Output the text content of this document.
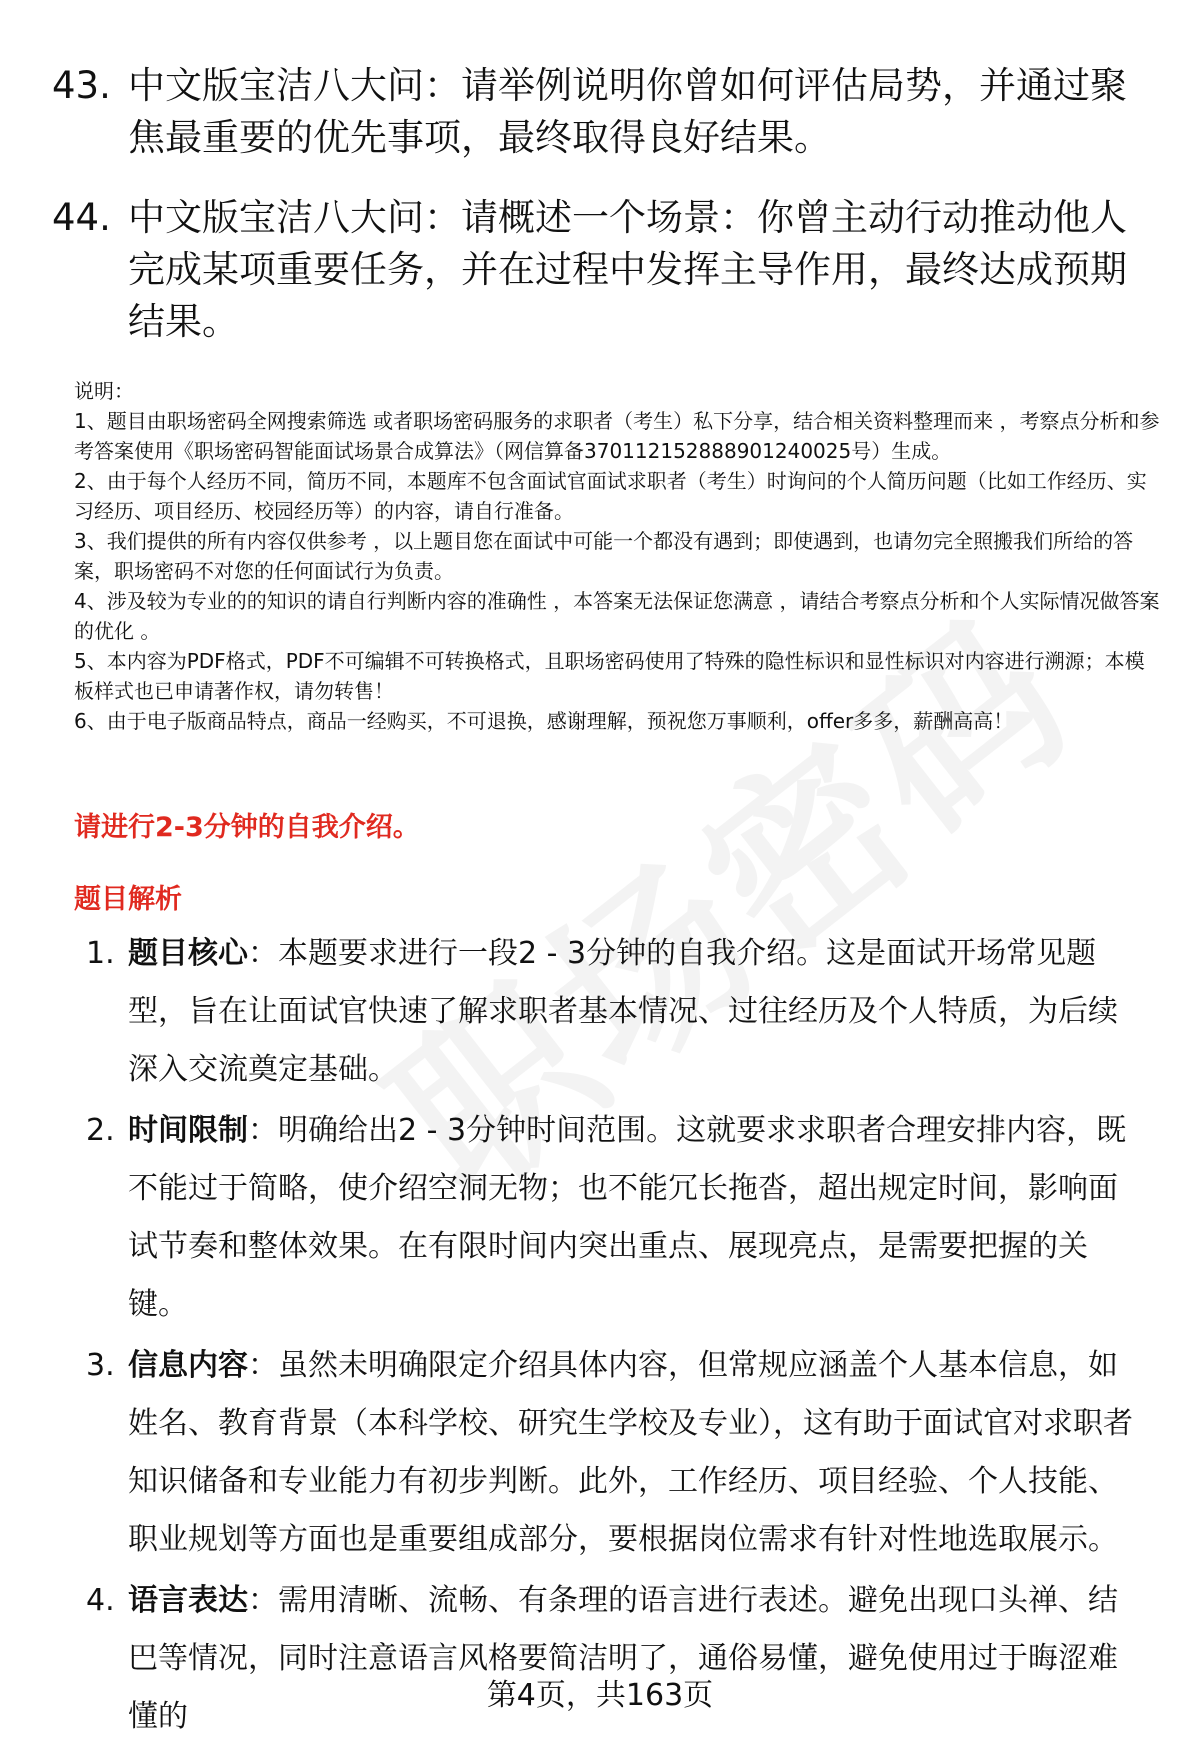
43. 中文版宝洁八大问：请举例说明你曾如何评估局势，并通过聚焦最重要的优先事项，最终取得良好结果。
44. 中文版宝洁八大问：请概述一个场景：你曾主动行动推动他人完成某项重要任务，并在过程中发挥主导作用，最终达成预期结果。

说明：

1、题目由职场密码全网搜索筛选 或者职场密码服务的求职者（考生）私下分享，结合相关资料整理而来 ，考察点分析和参考答案使用《职场密码智能面试场景合成算法》（网信算备370112152888901240025号）生成。

2、由于每个人经历不同，简历不同，本题库不包含面试官面试求职者（考生）时询问的个人简历问题（比如工作经历、实习经历、项目经历、校园经历等）的内容，请自行准备。

3、我们提供的所有内容仅供参考 ，以上题目您在面试中可能一个都没有遇到；即使遇到，也请勿完全照搬我们所给的答案，职场密码不对您的任何面试行为负责。

4、涉及较为专业的的知识的请自行判断内容的准确性 ，本答案无法保证您满意 ，请结合考察点分析和个人实际情况做答案的优化 。

5、本内容为PDF格式，PDF不可编辑不可转换格式，且职场密码使用了特殊的隐性标识和显性标识对内容进行溯源；本模板样式也已申请著作权，请勿转售！

6、由于电子版商品特点，商品一经购买，不可退换，感谢理解，预祝您万事顺利，offer多多，薪酬高高！

请进行2-3分钟的自我介绍。
题目解析
1. 题目核心：本题要求进行一段2 - 3分钟的自我介绍。这是面试开场常见题型，旨在让面试官快速了解求职者基本情况、过往经历及个人特质，为后续深入交流奠定基础。
2. 时间限制：明确给出2 - 3分钟时间范围。这就要求求职者合理安排内容，既不能过于简略，使介绍空洞无物；也不能冗长拖沓，超出规定时间，影响面试节奏和整体效果。在有限时间内突出重点、展现亮点，是需要把握的关键。
3. 信息内容：虽然未明确限定介绍具体内容，但常规应涵盖个人基本信息，如姓名、教育背景（本科学校、研究生学校及专业），这有助于面试官对求职者知识储备和专业能力有初步判断。此外，工作经历、项目经验、个人技能、职业规划等方面也是重要组成部分，要根据岗位需求有针对性地选取展示。
4. 语言表达：需用清晰、流畅、有条理的语言进行表述。避免出现口头禅、结巴等情况，同时注意语言风格要简洁明了，通俗易懂，避免使用过于晦涩难懂的
第4页，共163页
